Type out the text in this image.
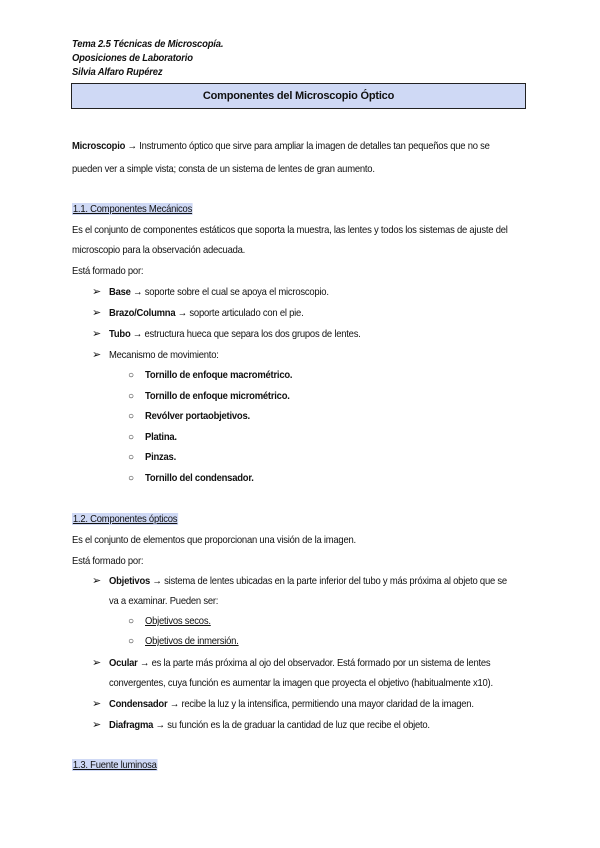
Tema 2.5 Técnicas de Microscopía.
Oposiciones de Laboratorio
Silvia Alfaro Rupérez
Componentes del Microscopio Óptico
Microscopio → Instrumento óptico que sirve para ampliar la imagen de detalles tan pequeños que no se
pueden ver a simple vista; consta de un sistema de lentes de gran aumento.
1.1. Componentes Mecánicos
Es el conjunto de componentes estáticos que soporta la muestra, las lentes y todos los sistemas de ajuste del
microscopio para la observación adecuada.
Está formado por:
➢ Base → soporte sobre el cual se apoya el microscopio.
➢ Brazo/Columna → soporte articulado con el pie.
➢ Tubo → estructura hueca que separa los dos grupos de lentes.
➢ Mecanismo de movimiento:
○ Tornillo de enfoque macrométrico.
○ Tornillo de enfoque micrométrico.
○ Revólver portaobjetivos.
○ Platina.
○ Pinzas.
○ Tornillo del condensador.
1.2. Componentes ópticos
Es el conjunto de elementos que proporcionan una visión de la imagen.
Está formado por:
➢ Objetivos → sistema de lentes ubicadas en la parte inferior del tubo y más próxima al objeto que se
va a examinar. Pueden ser:
○ Objetivos secos.
○ Objetivos de inmersión.
➢ Ocular → es la parte más próxima al ojo del observador. Está formado por un sistema de lentes
convergentes, cuya función es aumentar la imagen que proyecta el objetivo (habitualmente x10).
➢ Condensador → recibe la luz y la intensifica, permitiendo una mayor claridad de la imagen.
➢ Diafragma → su función es la de graduar la cantidad de luz que recibe el objeto.
1.3. Fuente luminosa
